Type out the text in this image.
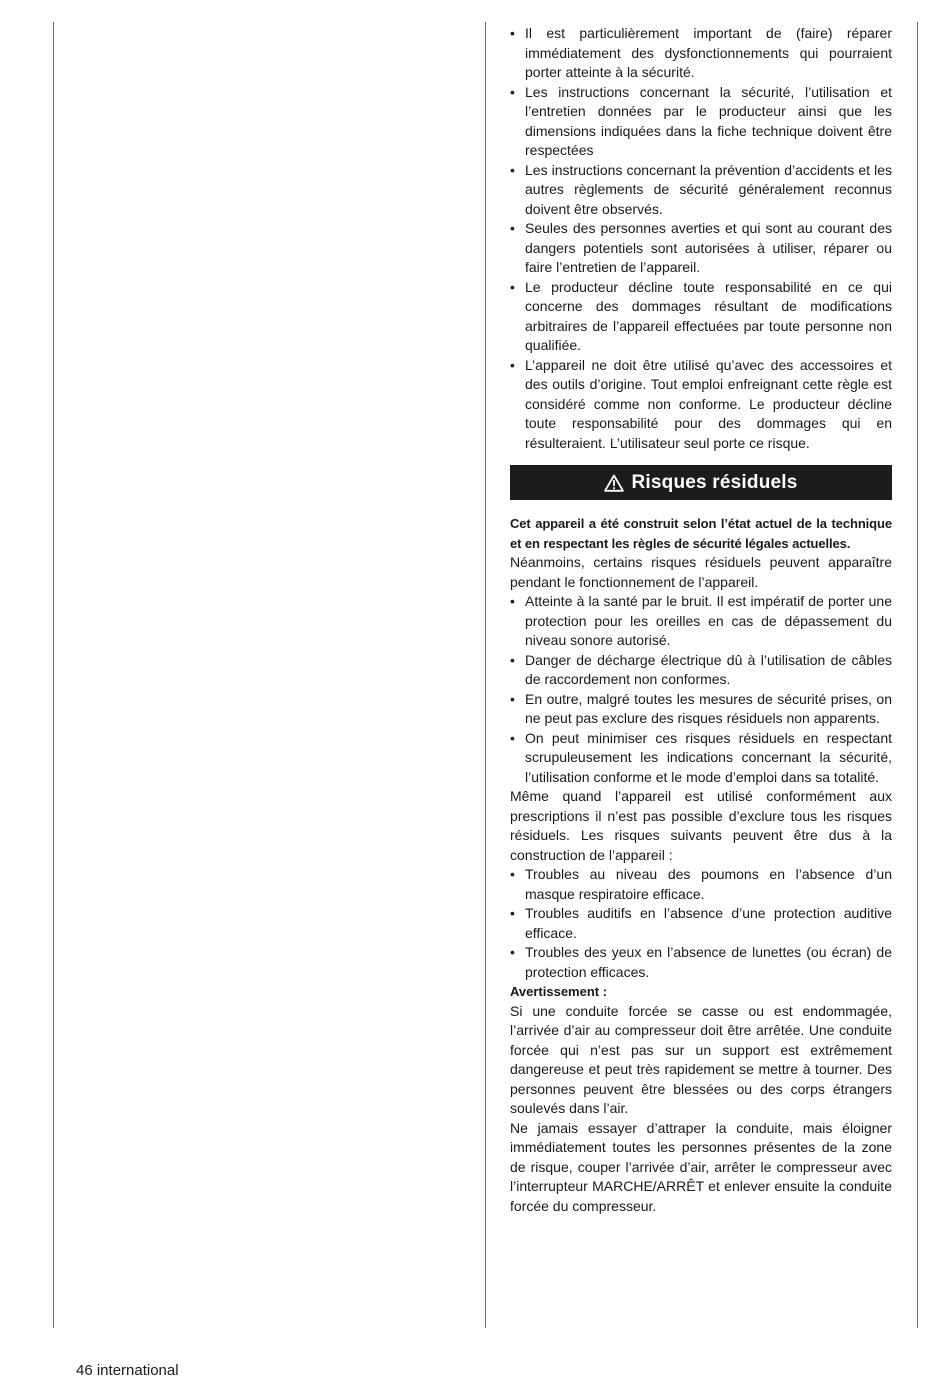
• Il est particulièrement important de (faire) réparer immédiatement des dysfonctionnements qui pourraient porter atteinte à la sécurité.
• Les instructions concernant la sécurité, l’utilisation et l’entretien données par le producteur ainsi que les dimensions indiquées dans la fiche technique doivent être respectées
• Les instructions concernant la prévention d’accidents et les autres règlements de sécurité généralement reconnus doivent être observés.
• Seules des personnes averties et qui sont au courant des dangers potentiels sont autorisées à utiliser, réparer ou faire l’entretien de l’appareil.
• Le producteur décline toute responsabilité en ce qui concerne des dommages résultant de modifications arbitraires de l’appareil effectuées par toute personne non qualifiée.
• L’appareil ne doit être utilisé qu’avec des accessoires et des outils d’origine. Tout emploi enfreignant cette règle est considéré comme non conforme. Le producteur décline toute responsabilité pour des dommages qui en résulteraient. L’utilisateur seul porte ce risque.
Risques résiduels

Cet appareil a été construit selon l’état actuel de la technique et en respectant les règles de sécurité légales actuelles.

Néanmoins, certains risques résiduels peuvent apparaître pendant le fonctionnement de l’appareil.

• Atteinte à la santé par le bruit. Il est impératif de porter une protection pour les oreilles en cas de dépassement du niveau sonore autorisé.
• Danger de décharge électrique dû à l’utilisation de câbles de raccordement non conformes.
• En outre, malgré toutes les mesures de sécurité prises, on ne peut pas exclure des risques résiduels non apparents.
• On peut minimiser ces risques résiduels en respectant scrupuleusement les indications concernant la sécurité, l’utilisation conforme et le mode d’emploi dans sa totalité.

Même quand l’appareil est utilisé conformément aux prescriptions il n’est pas possible d’exclure tous les risques résiduels. Les risques suivants peuvent être dus à la construction de l’appareil :

• Troubles au niveau des poumons en l’absence d’un masque respiratoire efficace.
• Troubles auditifs en l’absence d’une protection auditive efficace.
• Troubles des yeux en l’absence de lunettes (ou écran) de protection efficaces.

Avertissement :

Si une conduite forcée se casse ou est endommagée, l’arrivée d’air au compresseur doit être arrêtée. Une conduite forcée qui n’est pas sur un support est extrêmement dangereuse et peut très rapidement se mettre à tourner. Des personnes peuvent être blessées ou des corps étrangers soulevés dans l’air.

Ne jamais essayer d’attraper la conduite, mais éloigner immédiatement toutes les personnes présentes de la zone de risque, couper l’arrivée d’air, arrêter le compresseur avec l’interrupteur MARCHE/ARRÊT et enlever ensuite la conduite forcée du compresseur.

46 international
